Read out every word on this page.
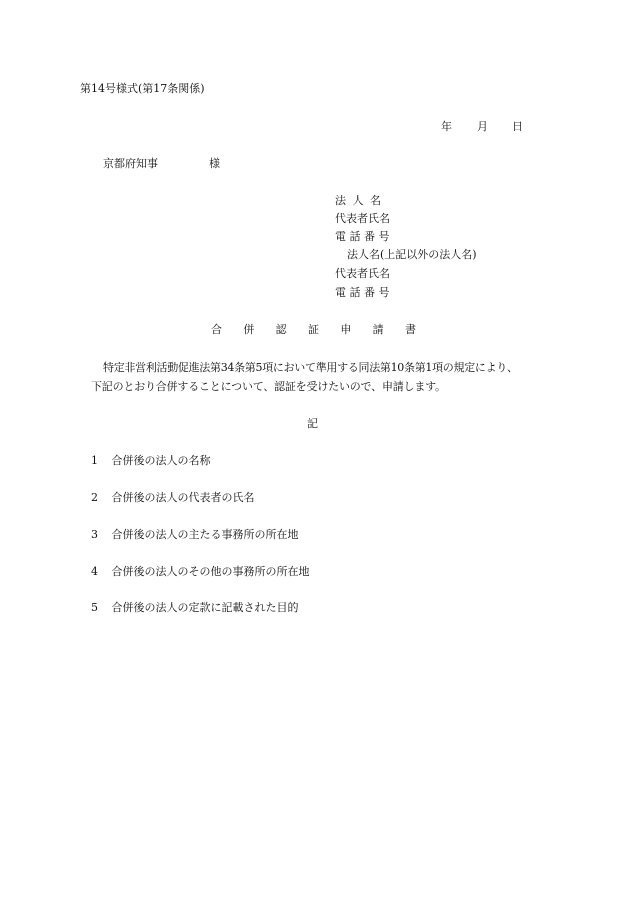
第14号様式(第17条関係)
年 月 日
京都府知事	様
法 人 名
代表者氏名
電 話 番 号
法人名(上記以外の法人名)
代表者氏名
電 話 番 号
合 併 認 証 申 請 書
特定非営利活動促進法第34条第5項において準用する同法第10条第1項の規定により、
下記のとおり合併することについて、認証を受けたいので、申請します。
記
1 合併後の法人の名称
2 合併後の法人の代表者の氏名
3 合併後の法人の主たる事務所の所在地
4 合併後の法人のその他の事務所の所在地
5 合併後の法人の定款に記載された目的
